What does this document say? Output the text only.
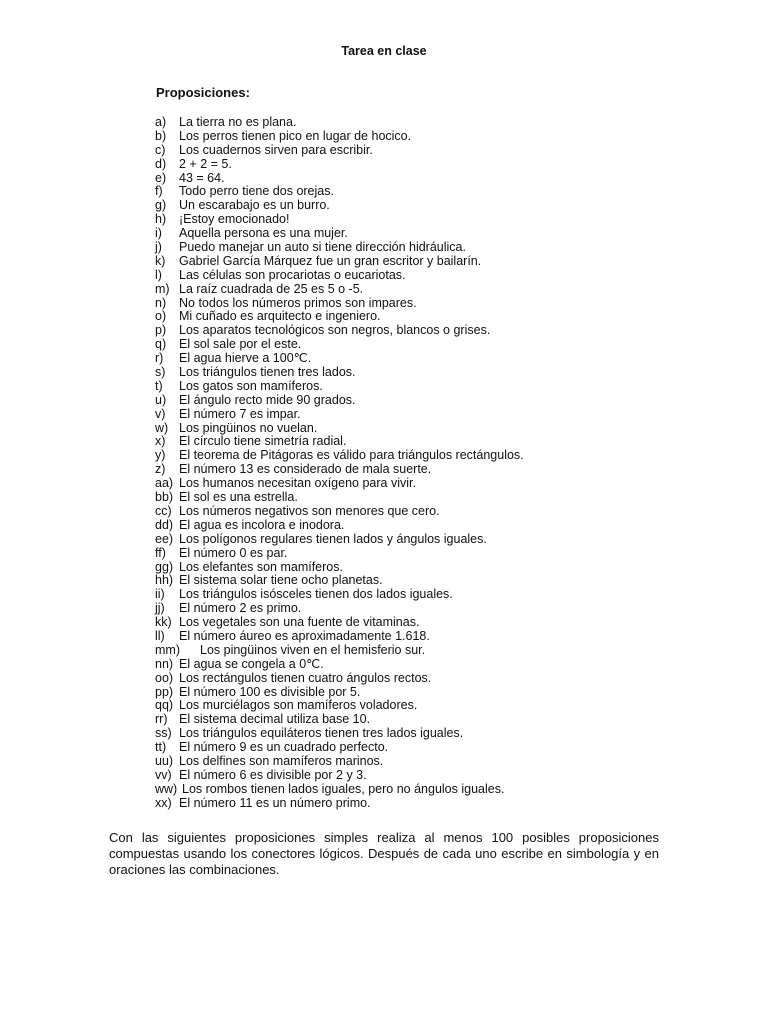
Tarea en clase
Proposiciones:
a) La tierra no es plana.
b) Los perros tienen pico en lugar de hocico.
c) Los cuadernos sirven para escribir.
d) 2 + 2 = 5.
e) 43 = 64.
f) Todo perro tiene dos orejas.
g) Un escarabajo es un burro.
h) ¡Estoy emocionado!
i) Aquella persona es una mujer.
j) Puedo manejar un auto si tiene dirección hidráulica.
k) Gabriel García Márquez fue un gran escritor y bailarín.
l) Las células son procariotas o eucariotas.
m) La raíz cuadrada de 25 es 5 o -5.
n) No todos los números primos son impares.
o) Mi cuñado es arquitecto e ingeniero.
p) Los aparatos tecnológicos son negros, blancos o grises.
q) El sol sale por el este.
r) El agua hierve a 100℃.
s) Los triángulos tienen tres lados.
t) Los gatos son mamíferos.
u) El ángulo recto mide 90 grados.
v) El número 7 es impar.
w) Los pingüinos no vuelan.
x) El círculo tiene simetría radial.
y) El teorema de Pitágoras es válido para triángulos rectángulos.
z) El número 13 es considerado de mala suerte.
aa) Los humanos necesitan oxígeno para vivir.
bb) El sol es una estrella.
cc) Los números negativos son menores que cero.
dd) El agua es incolora e inodora.
ee) Los polígonos regulares tienen lados y ángulos iguales.
ff) El número 0 es par.
gg) Los elefantes son mamíferos.
hh) El sistema solar tiene ocho planetas.
ii) Los triángulos isósceles tienen dos lados iguales.
jj) El número 2 es primo.
kk) Los vegetales son una fuente de vitaminas.
ll) El número áureo es aproximadamente 1.618.
mm) Los pingüinos viven en el hemisferio sur.
nn) El agua se congela a 0℃.
oo) Los rectángulos tienen cuatro ángulos rectos.
pp) El número 100 es divisible por 5.
qq) Los murciélagos son mamíferos voladores.
rr) El sistema decimal utiliza base 10.
ss) Los triángulos equiláteros tienen tres lados iguales.
tt) El número 9 es un cuadrado perfecto.
uu) Los delfines son mamíferos marinos.
vv) El número 6 es divisible por 2 y 3.
ww) Los rombos tienen lados iguales, pero no ángulos iguales.
xx) El número 11 es un número primo.

Con las siguientes proposiciones simples realiza al menos 100 posibles proposiciones compuestas usando los conectores lógicos. Después de cada uno escribe en simbología y en oraciones las combinaciones.
